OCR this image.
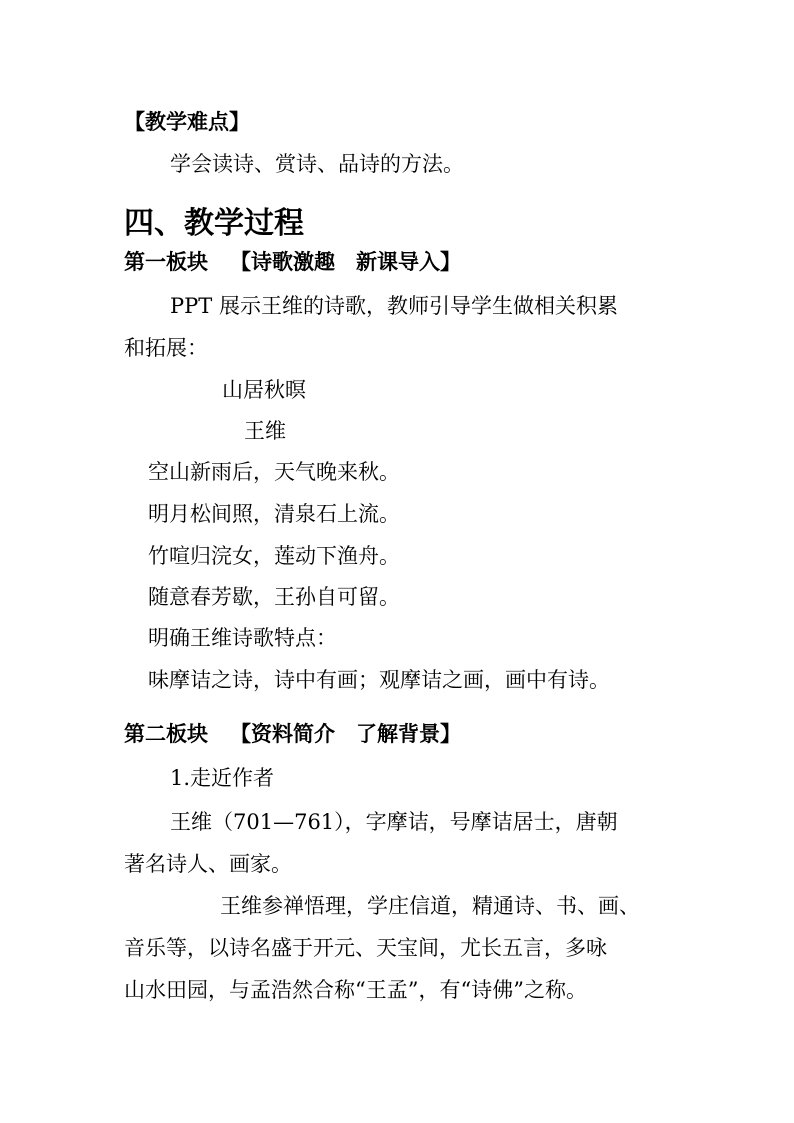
【教学难点】
学会读诗、赏诗、品诗的方法。
四、教学过程
第一板块 【诗歌激趣　新课导入】
PPT 展示王维的诗歌，教师引导学生做相关积累
和拓展：
山居秋暝
王维
空山新雨后，天气晚来秋。
明月松间照，清泉石上流。
竹喧归浣女，莲动下渔舟。
随意春芳歇，王孙自可留。
明确王维诗歌特点：
味摩诘之诗，诗中有画；观摩诘之画，画中有诗。
第二板块 【资料简介　了解背景】
1.走近作者
王维（701—761），字摩诘，号摩诘居士，唐朝
著名诗人、画家。
王维参禅悟理，学庄信道，精通诗、书、画、
音乐等，以诗名盛于开元、天宝间，尤长五言，多咏
山水田园，与孟浩然合称“王孟”，有“诗佛”之称。
